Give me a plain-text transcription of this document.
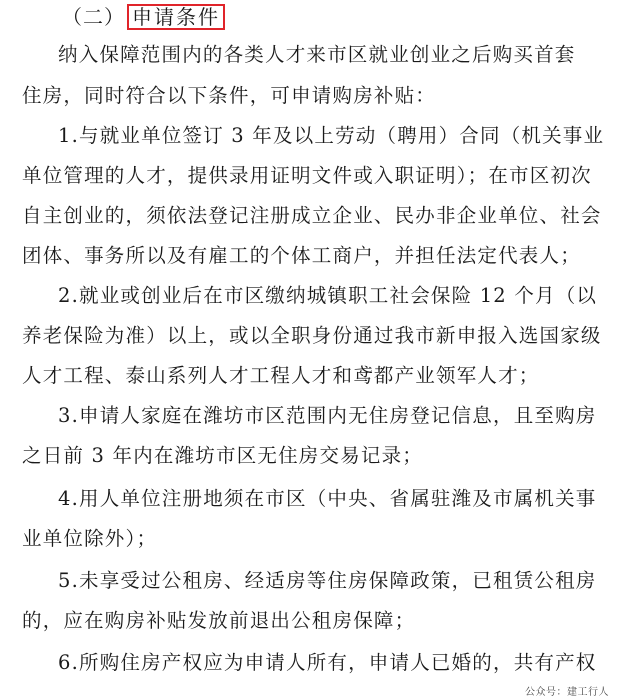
（二） 申请条件
纳入保障范围内的各类人才来市区就业创业之后购买首套
住房，同时符合以下条件，可申请购房补贴：
1.与就业单位签订 3 年及以上劳动（聘用）合同（机关事业
单位管理的人才，提供录用证明文件或入职证明）；在市区初次
自主创业的，须依法登记注册成立企业、民办非企业单位、社会
团体、事务所以及有雇工的个体工商户，并担任法定代表人；
2.就业或创业后在市区缴纳城镇职工社会保险 12 个月（以
养老保险为准）以上，或以全职身份通过我市新申报入选国家级
人才工程、泰山系列人才工程人才和鸢都产业领军人才；
3.申请人家庭在潍坊市区范围内无住房登记信息，且至购房
之日前 3 年内在潍坊市区无住房交易记录；
4.用人单位注册地须在市区（中央、省属驻潍及市属机关事
业单位除外）；
5.未享受过公租房、经适房等住房保障政策，已租赁公租房
的，应在购房补贴发放前退出公租房保障；
6.所购住房产权应为申请人所有，申请人已婚的，共有产权
公众号：建工行人
